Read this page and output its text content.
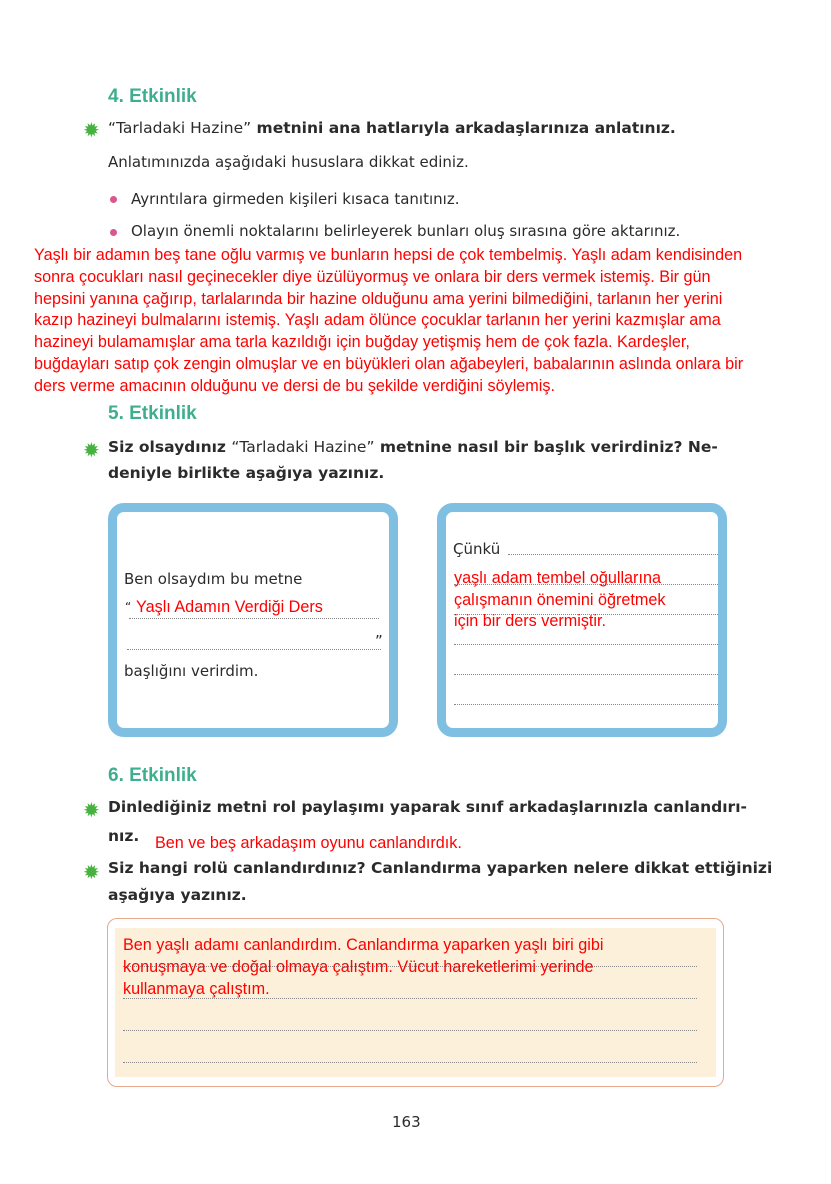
4. Etkinlik
✹ “Tarladaki Hazine” metnini ana hatlarıyla arkadaşlarınıza anlatınız.
Anlatımınızda aşağıdaki hususlara dikkat ediniz.
Ayrıntılara girmeden kişileri kısaca tanıtınız.
Olayın önemli noktalarını belirleyerek bunları oluş sırasına göre aktarınız.
Yaşlı bir adamın beş tane oğlu varmış ve bunların hepsi de çok tembelmiş. Yaşlı adam kendisinden
sonra çocukları nasıl geçinecekler diye üzülüyormuş ve onlara bir ders vermek istemiş. Bir gün
hepsini yanına çağırıp, tarlalarında bir hazine olduğunu ama yerini bilmediğini, tarlanın her yerini
kazıp hazineyi bulmalarını istemiş. Yaşlı adam ölünce çocuklar tarlanın her yerini kazmışlar ama
hazineyi bulamamışlar ama tarla kazıldığı için buğday yetişmiş hem de çok fazla. Kardeşler,
buğdayları satıp çok zengin olmuşlar ve en büyükleri olan ağabeyleri, babalarının aslında onlara bir
ders verme amacının olduğunu ve dersi de bu şekilde verdiğini söylemiş.
5. Etkinlik
✹ Siz olsaydınız “Tarladaki Hazine” metnine nasıl bir başlık verirdiniz? Ne-
deniyle birlikte aşağıya yazınız.
Ben olsaydım bu metne
“ Yaşlı Adamın Verdiği Ders
”
başlığını verirdim.
Çünkü
yaşlı adam tembel oğullarına
çalışmanın önemini öğretmek
için bir ders vermiştir.
6. Etkinlik
✹ Dinlediğiniz metni rol paylaşımı yaparak sınıf arkadaşlarınızla canlandırı-
nız. Ben ve beş arkadaşım oyunu canlandırdık.
✹ Siz hangi rolü canlandırdınız? Canlandırma yaparken nelere dikkat ettiğinizi
aşağıya yazınız.
Ben yaşlı adamı canlandırdım. Canlandırma yaparken yaşlı biri gibi
konuşmaya ve doğal olmaya çalıştım. Vücut hareketlerimi yerinde
kullanmaya çalıştım.
163
